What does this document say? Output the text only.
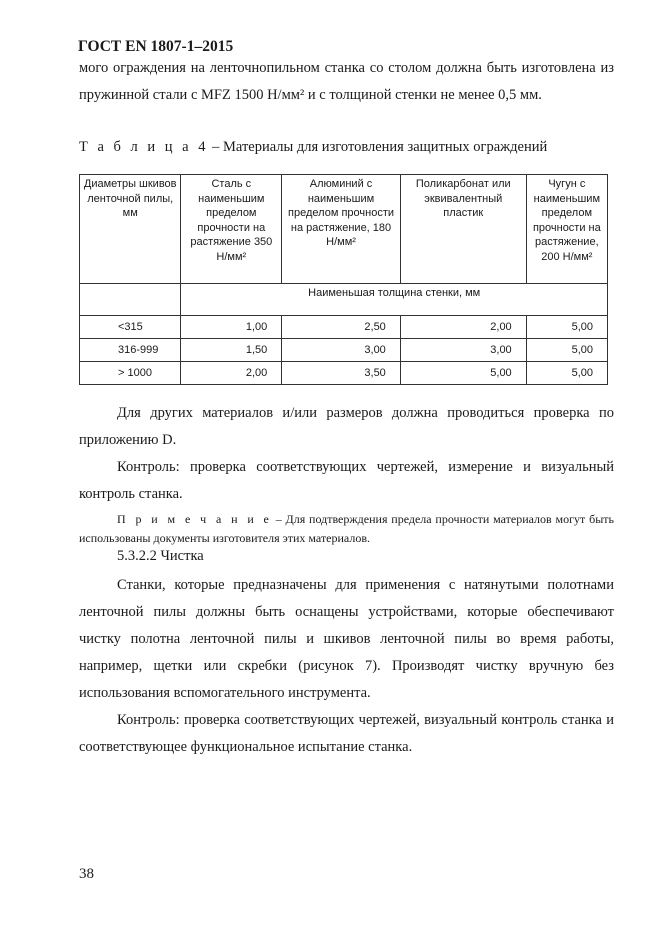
ГОСТ EN 1807-1–2015
мого ограждения на ленточнопильном станка со столом должна быть изготовлена из пружинной стали с MFZ 1500 Н/мм² и с толщиной стенки не менее 0,5 мм.
Т а б л и ц а 4 – Материалы для изготовления защитных ограждений
Диаметры шкивов ленточной пилы, мм	Сталь с наименьшим пределом прочности на растяжение 350 Н/мм²	Алюминий с наименьшим пределом прочности на растяжение, 180 Н/мм²	Поликарбонат или эквивалентный пластик	Чугун с наименьшим пределом прочности на растяжение, 200 Н/мм²
	Наименьшая толщина стенки, мм			
<315	1,00	2,50	2,00	5,00
316-999	1,50	3,00	3,00	5,00
> 1000	2,00	3,50	5,00	5,00
Для других материалов и/или размеров должна проводиться проверка по приложению D.
Контроль: проверка соответствующих чертежей, измерение и визуальный контроль станка.
П р и м е ч а н и е – Для подтверждения предела прочности материалов могут быть использованы документы изготовителя этих материалов.
5.3.2.2 Чистка
Станки, которые предназначены для применения с натянутыми полотнами ленточной пилы должны быть оснащены устройствами, которые обеспечивают чистку полотна ленточной пилы и шкивов ленточной пилы во время работы, например, щетки или скребки (рисунок 7). Производят чистку вручную без использования вспомогательного инструмента.
Контроль: проверка соответствующих чертежей, визуальный контроль станка и соответствующее функциональное испытание станка.
38
